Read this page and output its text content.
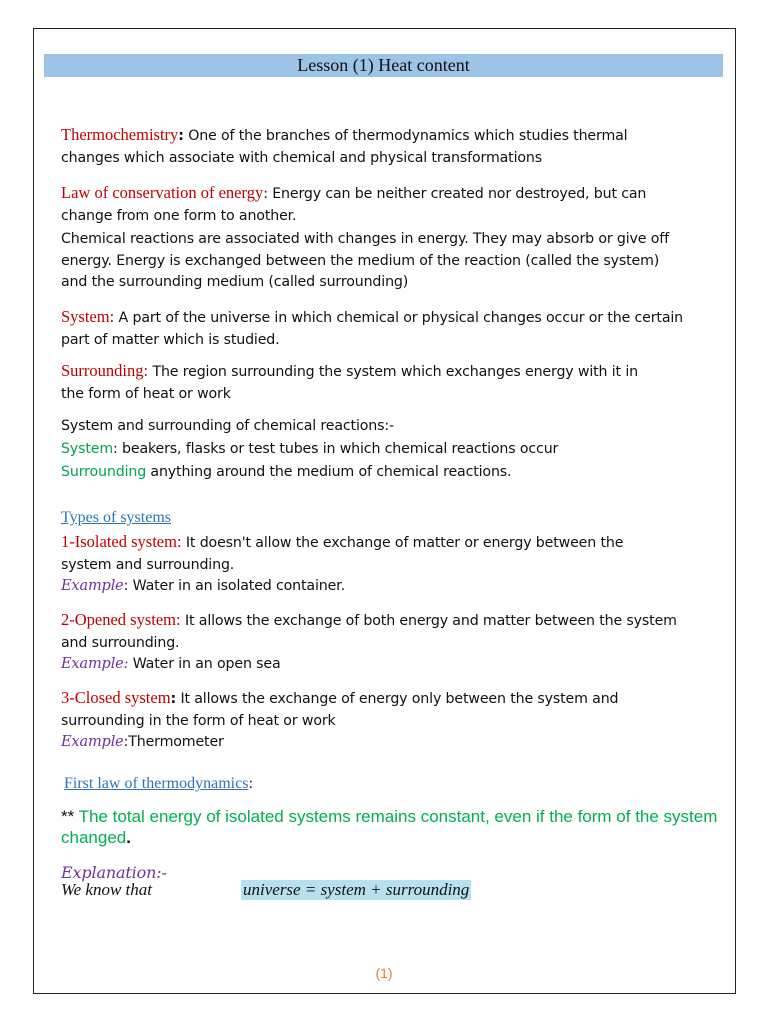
Lesson (1) Heat content
Thermochemistry: One of the branches of thermodynamics which studies thermal
changes which associate with chemical and physical transformations
Law of conservation of energy: Energy can be neither created nor destroyed, but can
change from one form to another.
Chemical reactions are associated with changes in energy. They may absorb or give off
energy. Energy is exchanged between the medium of the reaction (called the system)
and the surrounding medium (called surrounding)
System: A part of the universe in which chemical or physical changes occur or the certain
part of matter which is studied.
Surrounding: The region surrounding the system which exchanges energy with it in
the form of heat or work
System and surrounding of chemical reactions:-
System: beakers, flasks or test tubes in which chemical reactions occur
Surrounding anything around the medium of chemical reactions.
Types of systems
1-Isolated system: It doesn't allow the exchange of matter or energy between the
system and surrounding.
Example: Water in an isolated container.
2-Opened system: It allows the exchange of both energy and matter between the system
and surrounding.
Example: Water in an open sea
3-Closed system: It allows the exchange of energy only between the system and
surrounding in the form of heat or work
Example:Thermometer
First law of thermodynamics:
** The total energy of isolated systems remains constant, even if the form of the system changed.
Explanation:-
We know that	universe = system + surrounding
(1)
